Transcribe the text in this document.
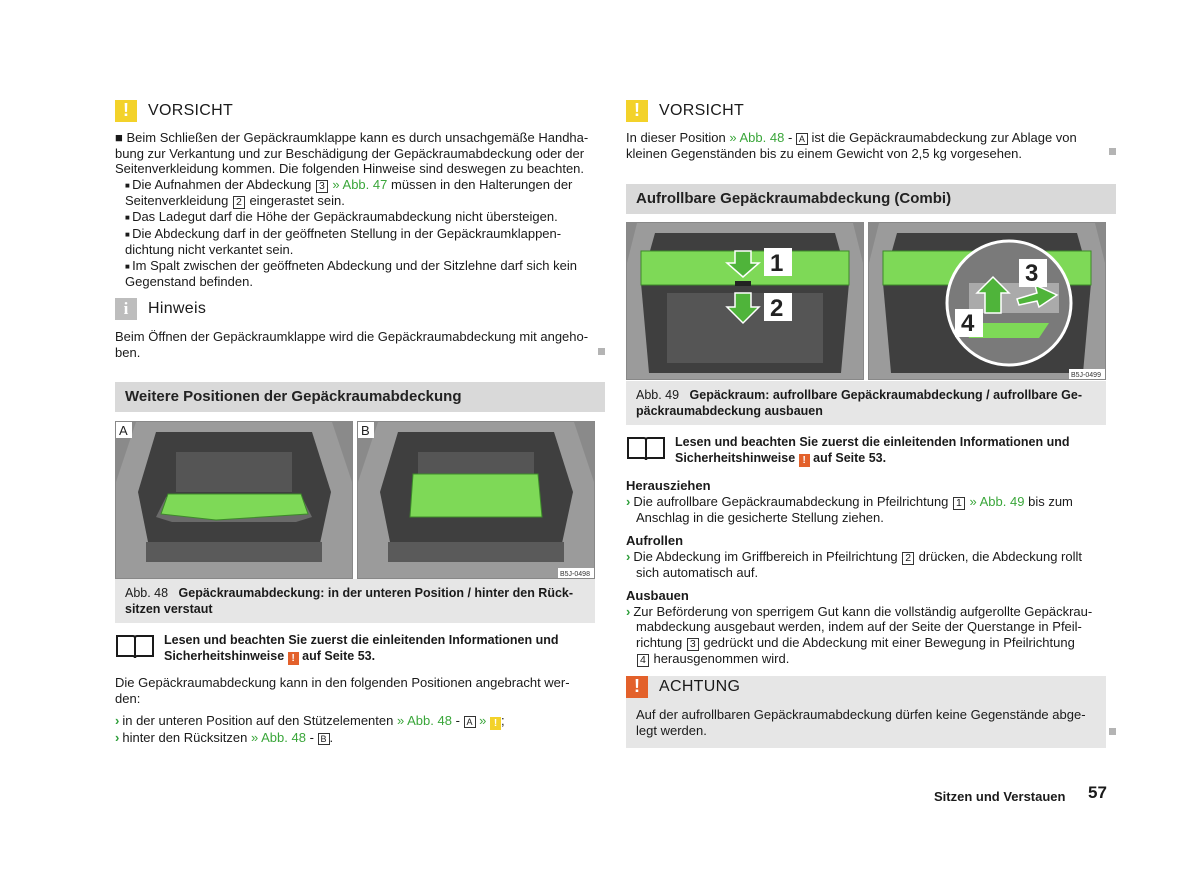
!	VORSICHT

■ Beim Schließen der Gepäckraumklappe kann es durch unsachgemäße Handha-

bung zur Verkantung und zur Beschädigung der Gepäckraumabdeckung oder der

Seitenverkleidung kommen. Die folgenden Hinweise sind deswegen zu beachten.

■ Die Aufnahmen der Abdeckung 3 » Abb. 47 müssen in den Halterungen der

Seitenverkleidung 2 eingerastet sein.

■ Das Ladegut darf die Höhe der Gepäckraumabdeckung nicht übersteigen.

■ Die Abdeckung darf in der geöffneten Stellung in der Gepäckraumklappen-

dichtung nicht verkantet sein.

■ Im Spalt zwischen der geöffneten Abdeckung und der Sitzlehne darf sich kein

Gegenstand befinden.

i	Hinweis

Beim Öffnen der Gepäckraumklappe wird die Gepäckraumabdeckung mit angeho-

ben.

Weitere Positionen der Gepäckraumabdeckung
A	B
B5J-0498
Abb. 48 Gepäckraumabdeckung: in der unteren Position / hinter den Rück-
sitzen verstaut
Lesen und beachten Sie zuerst die einleitenden Informationen und
Sicherheitshinweise ! auf Seite 53.

Die Gepäckraumabdeckung kann in den folgenden Positionen angebracht wer-

den:

› in der unteren Position auf den Stützelementen » Abb. 48 - A » ! ;

› hinter den Rücksitzen » Abb. 48 - B .

!	VORSICHT

In dieser Position » Abb. 48 - A ist die Gepäckraumabdeckung zur Ablage von

kleinen Gegenständen bis zu einem Gewicht von 2,5 kg vorgesehen.

Aufrollbare Gepäckraumabdeckung (Combi)
1
2
3
4
B5J-0499
Abb. 49 Gepäckraum: aufrollbare Gepäckraumabdeckung / aufrollbare Ge-
päckraumabdeckung ausbauen
Lesen und beachten Sie zuerst die einleitenden Informationen und
Sicherheitshinweise ! auf Seite 53.

Herausziehen

› Die aufrollbare Gepäckraumabdeckung in Pfeilrichtung 1 » Abb. 49 bis zum

Anschlag in die gesicherte Stellung ziehen.

Aufrollen

› Die Abdeckung im Griffbereich in Pfeilrichtung 2 drücken, die Abdeckung rollt

sich automatisch auf.

Ausbauen

› Zur Beförderung von sperrigem Gut kann die vollständig aufgerollte Gepäckrau-

mabdeckung ausgebaut werden, indem auf der Seite der Querstange in Pfeil-

richtung 3 gedrückt und die Abdeckung mit einer Bewegung in Pfeilrichtung

4 herausgenommen wird.

!	ACHTUNG

Auf der aufrollbaren Gepäckraumabdeckung dürfen keine Gegenstände abge-

legt werden.

Sitzen und Verstauen 57
